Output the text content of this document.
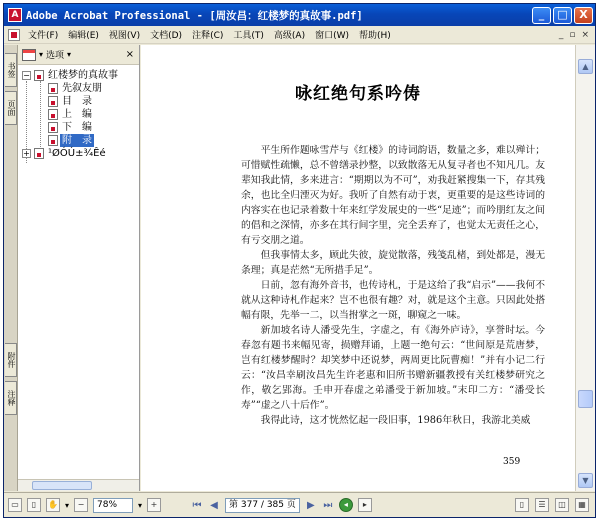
A Adobe Acrobat Professional - [周汝昌：红楼梦的真故事.pdf]	_	□	X
文件(F)	编辑(E)	视图(V)	文档(D)	注释(C)	工具(T)	高级(A)	窗口(W)	帮助(H)	_ ▫ ×
书签
页面
附件
注释
▾ 选项 ▾	×
− 红楼梦的真故事
先叙友朋
目　录
上　编
下　编
附　录
+ ¹ØÓÚ±¾Êé
咏红绝句系吟俦

平生所作题咏雪芹与《红楼》的诗词韵语，数量之多，难以殚计；可惜赋性疏懒，总不曾缮录抄整，以致散落无从复寻者也不知凡几。友辈知我此情，多来进言：“期期以为不可”，劝我赶紧搜集一下，存其残余，也比全归湮灭为好。我听了自然有动于衷，更重要的是这些诗词的内容实在也记录着数十年来红学发展史的一些“足迹”；而吟朋红友之间的倡和之深情，亦多在其行间字里，完全丢弃了，也觉太无责任之心，有亏交朋之道。

但我事情太多，顾此失彼，旋觉散落，残笺乱楮，到处都是，漫无条理；真是茫然“无所措手足”。

日前，忽有海外音书，也传诗札，于是这给了我“启示”——我何不就从这种诗札作起来？岂不也很有趣？对，就是这个主意。只因此处搭幅有限，先举一二，以当拊掌之一斑，聊窥之一味。

新加坡名诗人潘受先生，字虚之，有《海外庐诗》，享誉时坛。今春忽有题书来幅见寄，损赠拜诵，上题一绝句云：“世间原是荒唐梦，岂有红楼梦醒时？却笑梦中还说梦，两周更比阮曹痴！”并有小记二行云：“汝昌幸刷汝昌先生许老惠和旧所书赠新疆教授有关红楼梦研究之作，敬乞郢海。壬申开春虚之弟潘受于新加坡。”末印二方：“潘受长寿”“虚之八十后作”。

我得此诗，这才恍然忆起一段旧事，1986年秋日，我游北美威

359
▲
▼
▭	▯	✋ ▾	−	78%	▾	+	⏮ ◀	第 377 / 385 页	▶ ⏭	◂	▸	▯	☰	◫	▦
